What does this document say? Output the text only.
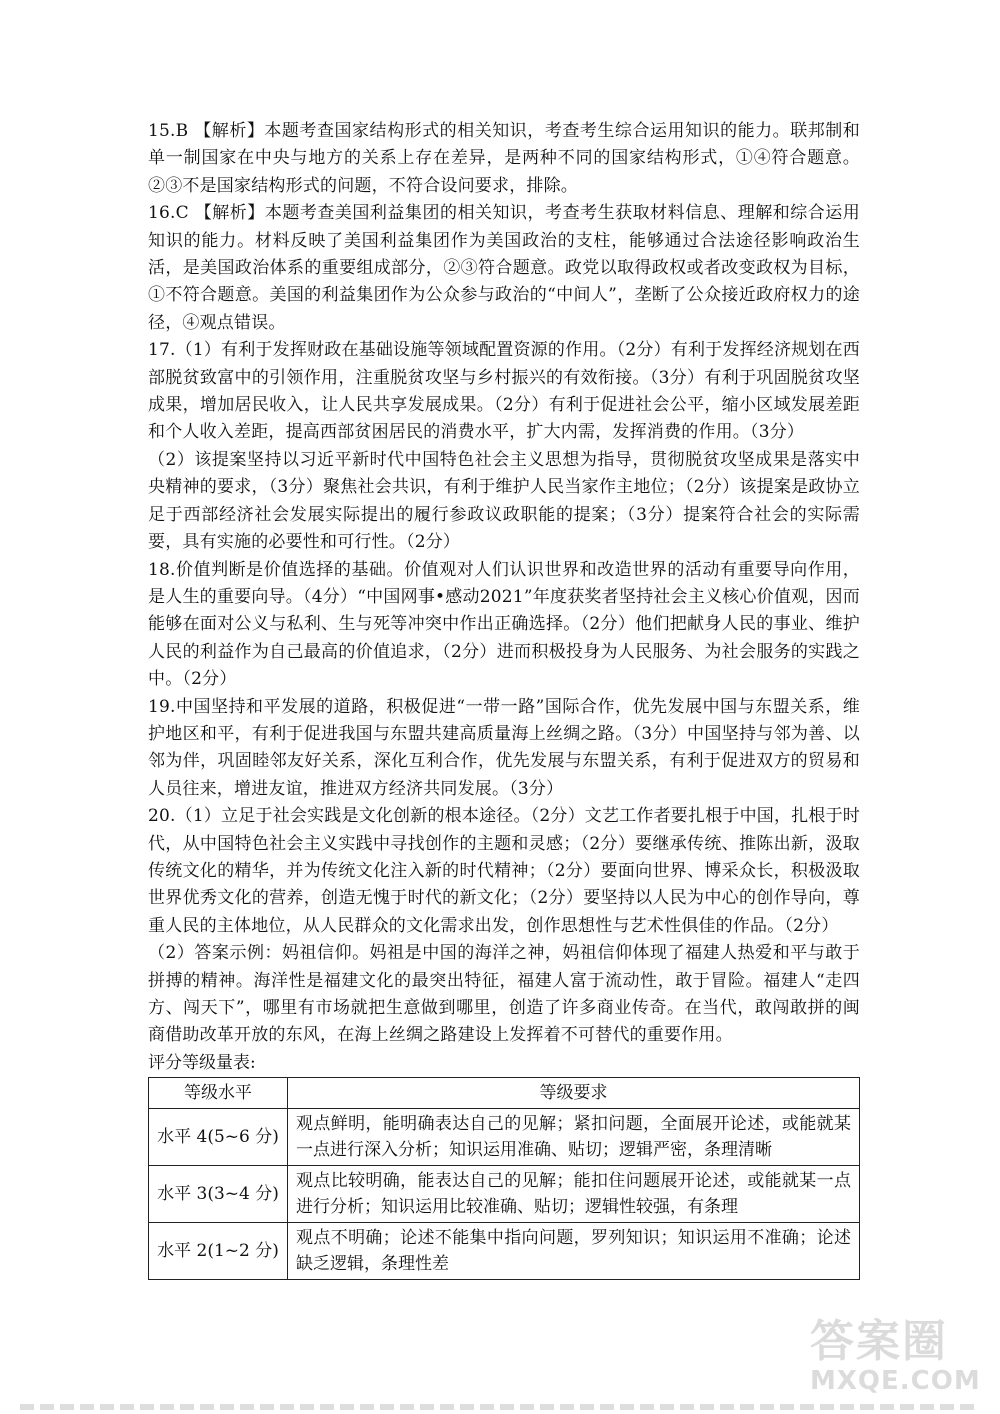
15.B 【解析】本题考查国家结构形式的相关知识，考查考生综合运用知识的能力。联邦制和单一制国家在中央与地方的关系上存在差异，是两种不同的国家结构形式，①④符合题意。②③不是国家结构形式的问题，不符合设问要求，排除。

16.C 【解析】本题考查美国利益集团的相关知识，考查考生获取材料信息、理解和综合运用知识的能力。材料反映了美国利益集团作为美国政治的支柱，能够通过合法途径影响政治生活，是美国政治体系的重要组成部分，②③符合题意。政党以取得政权或者改变政权为目标，①不符合题意。美国的利益集团作为公众参与政治的“中间人”，垄断了公众接近政府权力的途径，④观点错误。

17.（1）有利于发挥财政在基础设施等领域配置资源的作用。（2分）有利于发挥经济规划在西部脱贫致富中的引领作用，注重脱贫攻坚与乡村振兴的有效衔接。（3分）有利于巩固脱贫攻坚成果，增加居民收入，让人民共享发展成果。（2分）有利于促进社会公平，缩小区域发展差距和个人收入差距，提高西部贫困居民的消费水平，扩大内需，发挥消费的作用。（3分）

（2）该提案坚持以习近平新时代中国特色社会主义思想为指导，贯彻脱贫攻坚成果是落实中央精神的要求，（3分）聚焦社会共识，有利于维护人民当家作主地位；（2分）该提案是政协立足于西部经济社会发展实际提出的履行参政议政职能的提案；（3分）提案符合社会的实际需要，具有实施的必要性和可行性。（2分）

18.价值判断是价值选择的基础。价值观对人们认识世界和改造世界的活动有重要导向作用，是人生的重要向导。（4分）“中国网事•感动2021”年度获奖者坚持社会主义核心价值观，因而能够在面对公义与私利、生与死等冲突中作出正确选择。（2分）他们把献身人民的事业、维护人民的利益作为自己最高的价值追求，（2分）进而积极投身为人民服务、为社会服务的实践之中。（2分）

19.中国坚持和平发展的道路，积极促进“一带一路”国际合作，优先发展中国与东盟关系，维护地区和平，有利于促进我国与东盟共建高质量海上丝绸之路。（3分）中国坚持与邻为善、以邻为伴，巩固睦邻友好关系，深化互利合作，优先发展与东盟关系，有利于促进双方的贸易和人员往来，增进友谊，推进双方经济共同发展。（3分）

20.（1）立足于社会实践是文化创新的根本途径。（2分）文艺工作者要扎根于中国，扎根于时代，从中国特色社会主义实践中寻找创作的主题和灵感；（2分）要继承传统、推陈出新，汲取传统文化的精华，并为传统文化注入新的时代精神；（2分）要面向世界、博采众长，积极汲取世界优秀文化的营养，创造无愧于时代的新文化；（2分）要坚持以人民为中心的创作导向，尊重人民的主体地位，从人民群众的文化需求出发，创作思想性与艺术性俱佳的作品。（2分）

（2）答案示例：妈祖信仰。妈祖是中国的海洋之神，妈祖信仰体现了福建人热爱和平与敢于拼搏的精神。海洋性是福建文化的最突出特征，福建人富于流动性，敢于冒险。福建人“走四方、闯天下”，哪里有市场就把生意做到哪里，创造了许多商业传奇。在当代，敢闯敢拼的闽商借助改革开放的东风，在海上丝绸之路建设上发挥着不可替代的重要作用。

评分等级量表:

等级水平	等级要求
水平 4(5~6 分)	观点鲜明，能明确表达自己的见解；紧扣问题，全面展开论述，或能就某一点进行深入分析；知识运用准确、贴切；逻辑严密，条理清晰
水平 3(3~4 分)	观点比较明确，能表达自己的见解；能扣住问题展开论述，或能就某一点进行分析；知识运用比较准确、贴切；逻辑性较强，有条理
水平 2(1~2 分)	观点不明确；论述不能集中指向问题，罗列知识；知识运用不准确；论述缺乏逻辑，条理性差
答案圈
MXQE.COM
